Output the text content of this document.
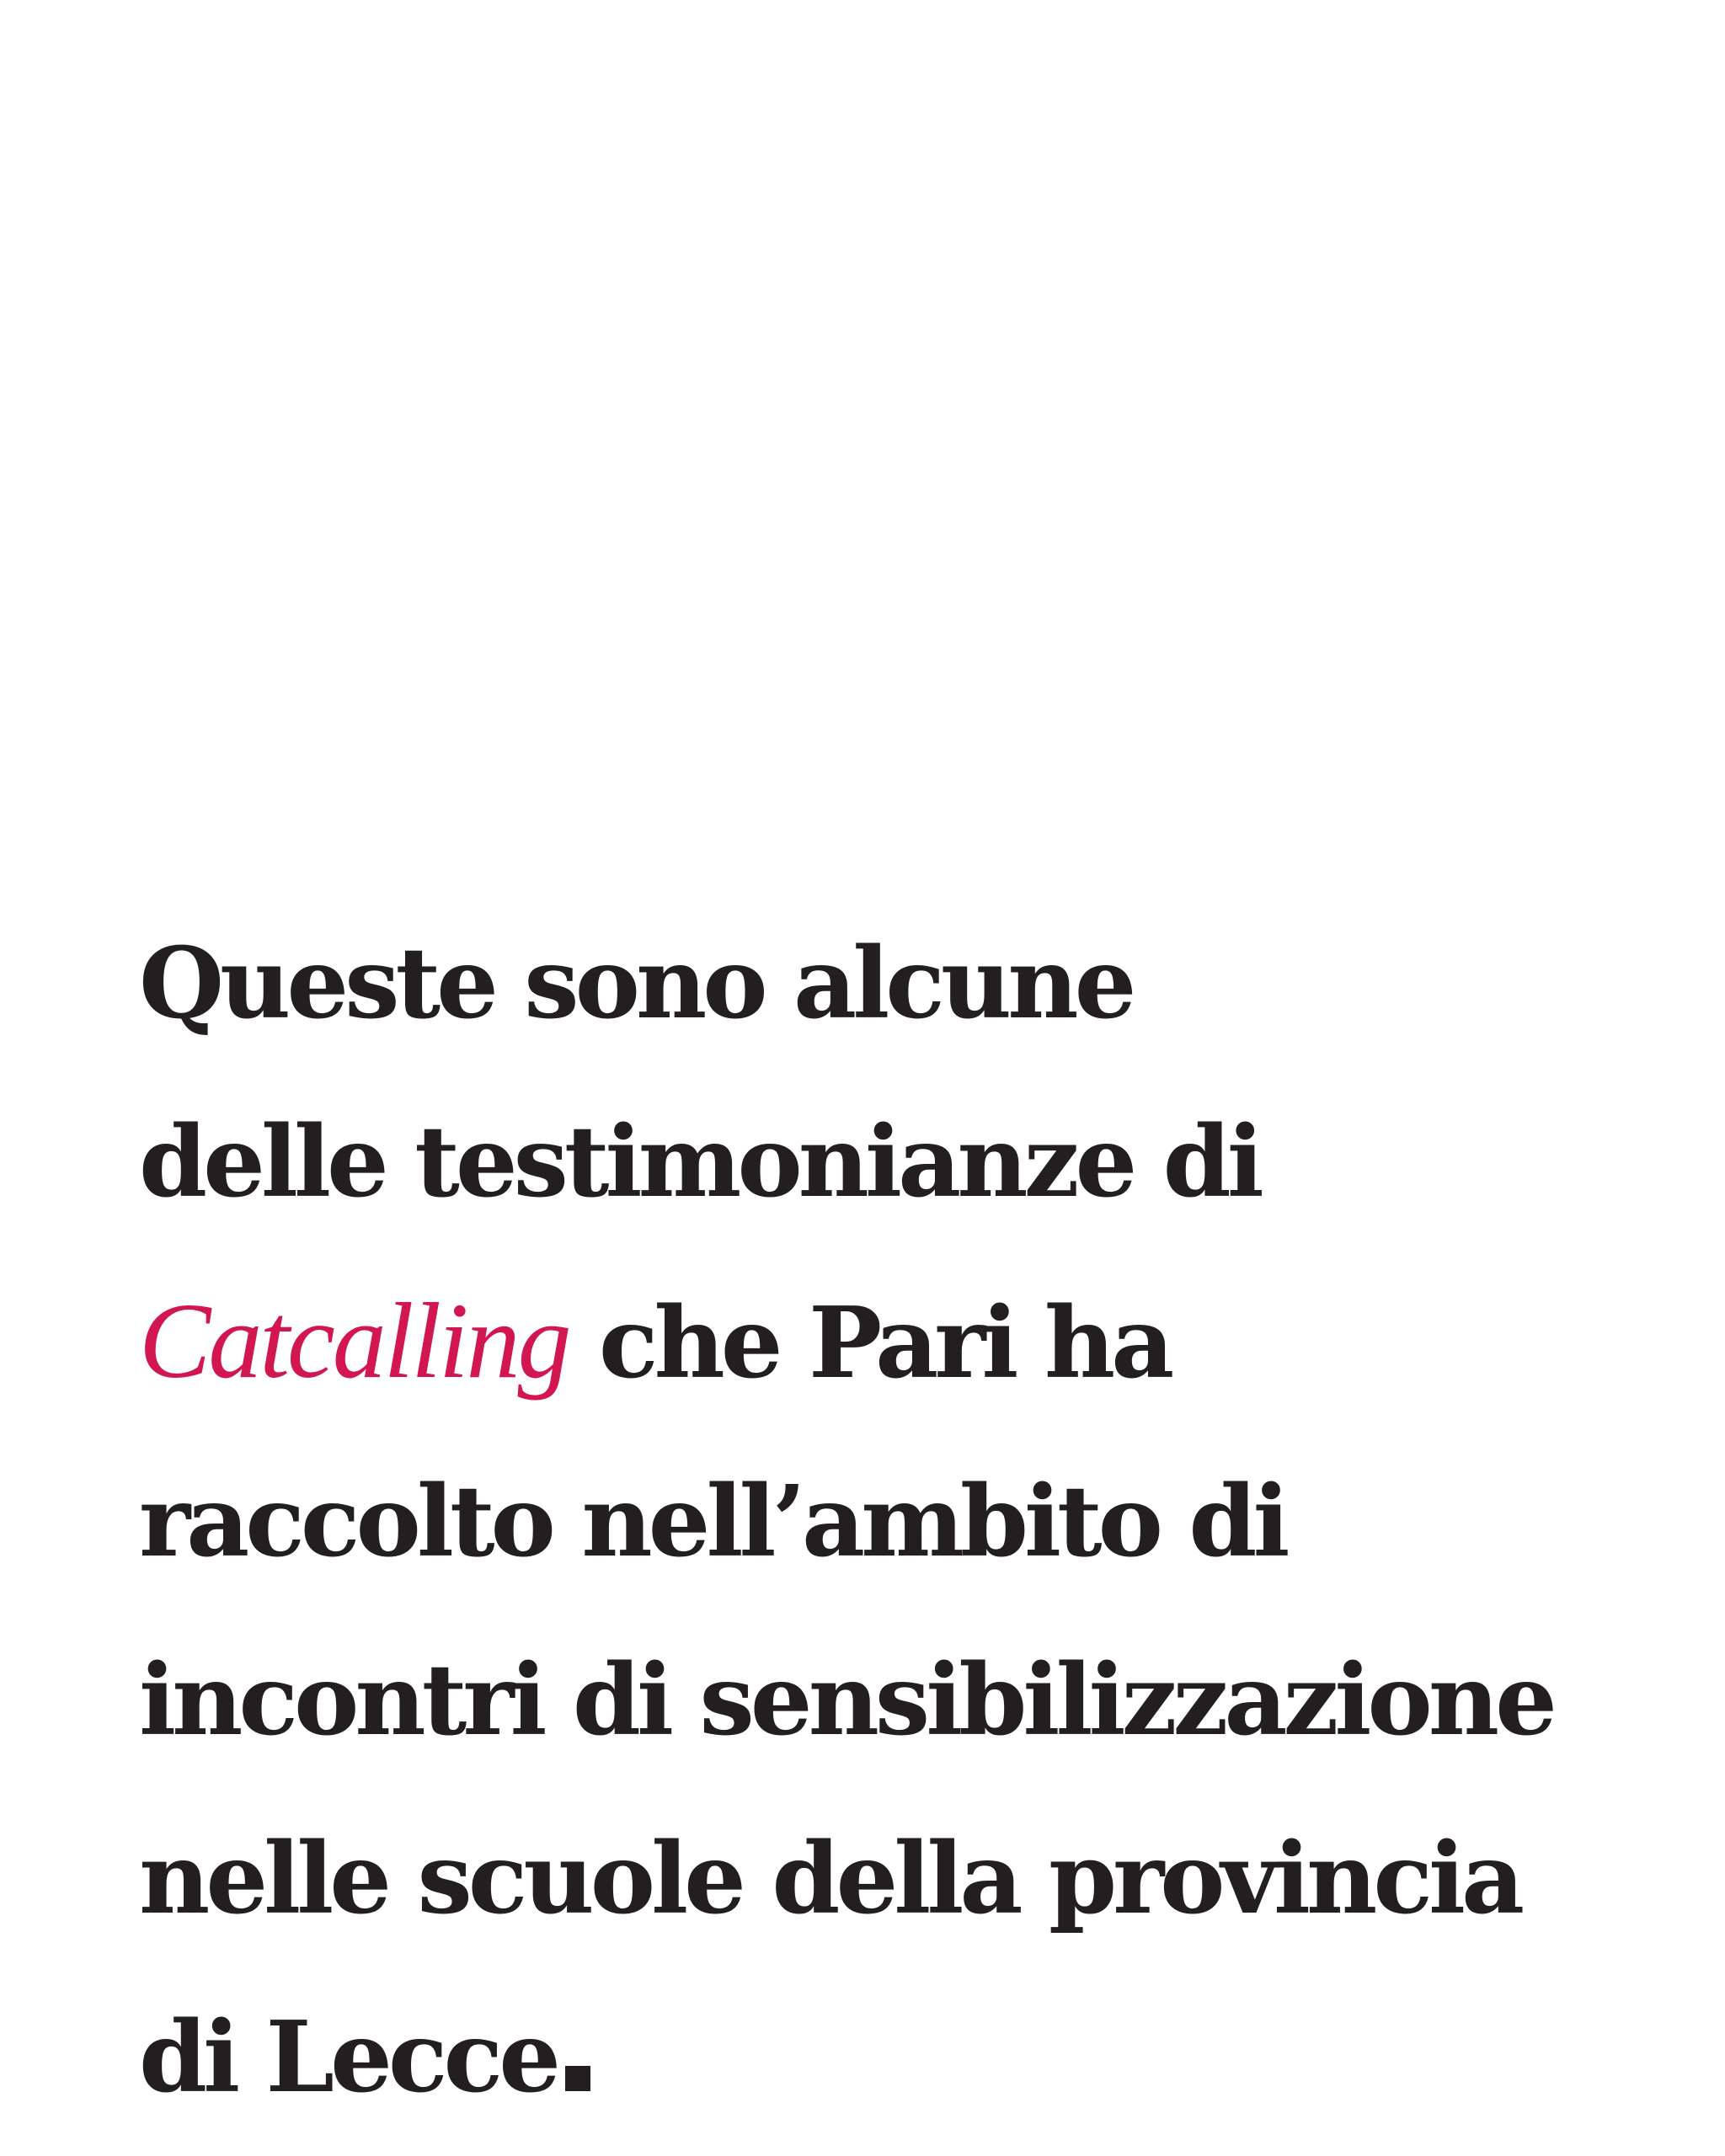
Queste sono alcune
delle testimonianze di
Catcalling che Pari ha
raccolto nell’ambito di
incontri di sensibilizzazione
nelle scuole della provincia
di Lecce
